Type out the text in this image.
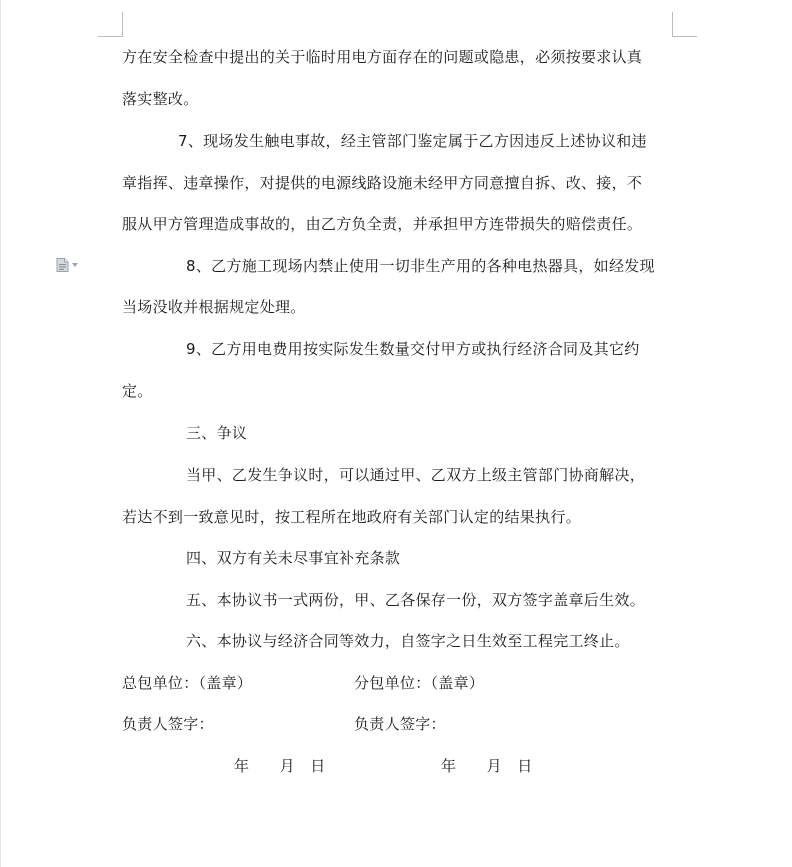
方在安全检查中提出的关于临时用电方面存在的问题或隐患，必须按要求认真
落实整改。
7、现场发生触电事故，经主管部门鉴定属于乙方因违反上述协议和违
章指挥、违章操作，对提供的电源线路设施未经甲方同意擅自拆、改、接，不
服从甲方管理造成事故的，由乙方负全责，并承担甲方连带损失的赔偿责任。
8、乙方施工现场内禁止使用一切非生产用的各种电热器具，如经发现
当场没收并根据规定处理。
9、乙方用电费用按实际发生数量交付甲方或执行经济合同及其它约
定。
三、争议
当甲、乙发生争议时，可以通过甲、乙双方上级主管部门协商解决，
若达不到一致意见时，按工程所在地政府有关部门认定的结果执行。
四、双方有关未尽事宜补充条款
五、本协议书一式两份，甲、乙各保存一份，双方签字盖章后生效。
六、本协议与经济合同等效力，自签字之日生效至工程完工终止。
总包单位：（盖章）	分包单位：（盖章）
负责人签字：	负责人签字：
年　 月　日	年　 月　日
